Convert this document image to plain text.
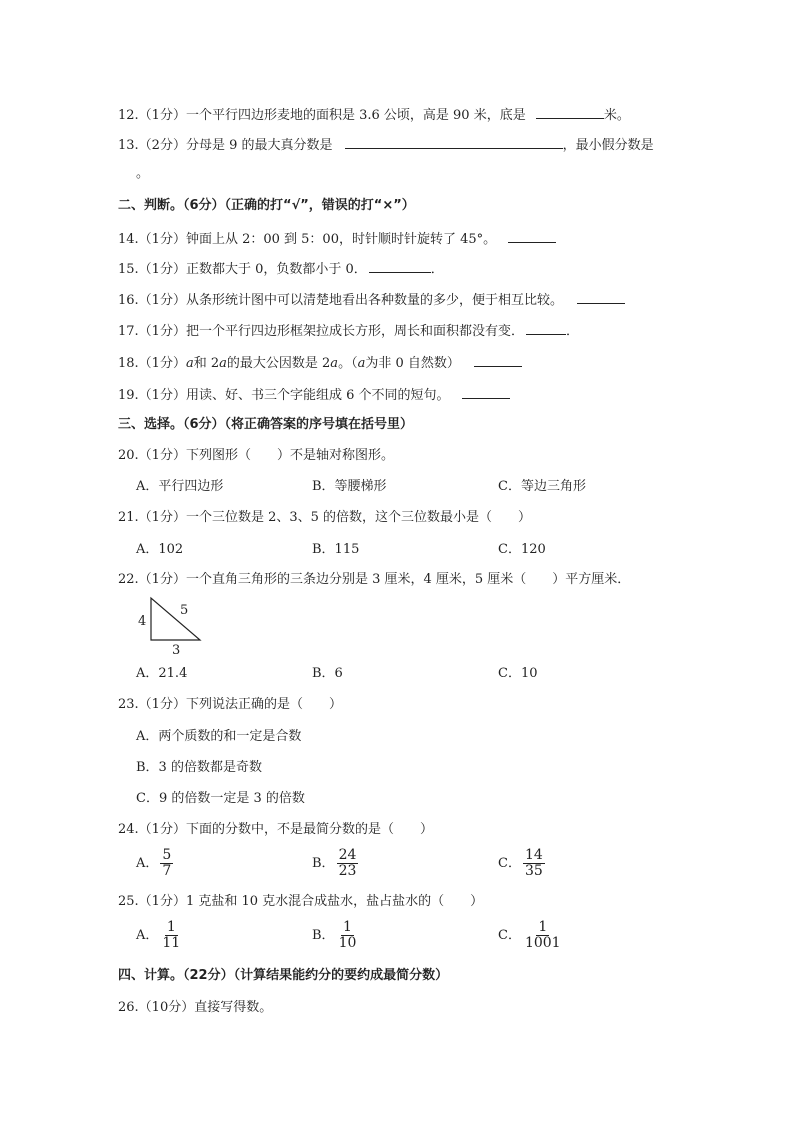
12.（1分）一个平行四边形麦地的面积是 3.6 公顷，高是 90 米，底是	米。
13.（2分）分母是 9 的最大真分数是	，最小假分数是
。
二、判断。（6分）（正确的打“√”，错误的打“×”）
14.（1分）钟面上从 2：00 到 5：00，时针顺时针旋转了 45°。
15.（1分）正数都大于 0，负数都小于 0．	．
16.（1分）从条形统计图中可以清楚地看出各种数量的多少，便于相互比较。
17.（1分）把一个平行四边形框架拉成长方形，周长和面积都没有变．	．
18.（1分）a和 2a的最大公因数是 2a。（a为非 0 自然数）
19.（1分）用读、好、书三个字能组成 6 个不同的短句。
三、选择。（6分）（将正确答案的序号填在括号里）
20.（1分）下列图形（　　）不是轴对称图形。
A．平行四边形	B．等腰梯形	C．等边三角形
21.（1分）一个三位数是 2、3、5 的倍数，这个三位数最小是（　　）
A．102	B．115	C．120
22.（1分）一个直角三角形的三条边分别是 3 厘米，4 厘米，5 厘米（　　）平方厘米．
5
4
3
A．21.4	B．6	C．10
23.（1分）下列说法正确的是（　　）
A．两个质数的和一定是合数
B．3 的倍数都是奇数
C．9 的倍数一定是 3 的倍数
24.（1分）下面的分数中，不是最简分数的是（　　）
A． $\frac{5}{7}$	B． $\frac{24}{23}$	C． $\frac{14}{35}$
25.（1分）1 克盐和 10 克水混合成盐水，盐占盐水的（　　）
A． $\frac{1}{11}$	B． $\frac{1}{10}$	C． $\frac{1}{1001}$
四、计算。（22分）（计算结果能约分的要约成最简分数）
26.（10分）直接写得数。
